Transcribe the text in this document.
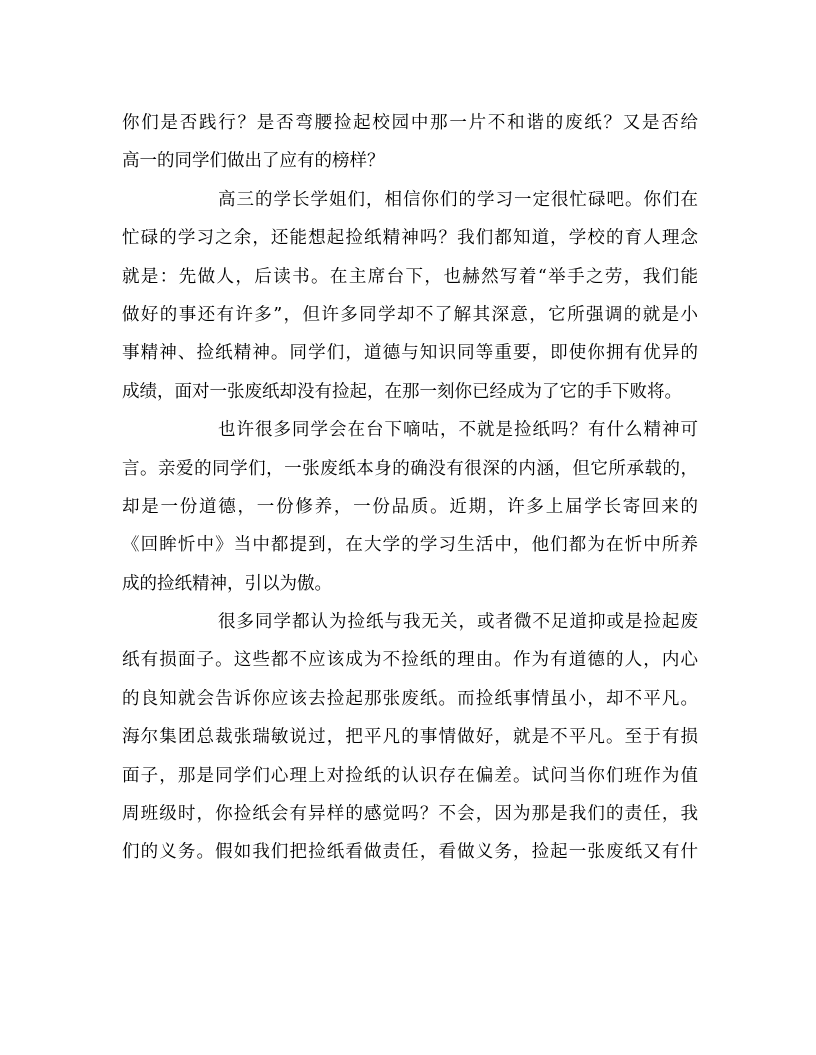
你们是否践行？是否弯腰捡起校园中那一片不和谐的废纸？又是否给
高一的同学们做出了应有的榜样？
高三的学长学姐们，相信你们的学习一定很忙碌吧。你们在
忙碌的学习之余，还能想起捡纸精神吗？我们都知道，学校的育人理念
就是：先做人，后读书。在主席台下，也赫然写着“举手之劳，我们能
做好的事还有许多”，但许多同学却不了解其深意，它所强调的就是小
事精神、捡纸精神。同学们，道德与知识同等重要，即使你拥有优异的
成绩，面对一张废纸却没有捡起，在那一刻你已经成为了它的手下败将。
也许很多同学会在台下嘀咕，不就是捡纸吗？有什么精神可
言。亲爱的同学们，一张废纸本身的确没有很深的内涵，但它所承载的，
却是一份道德，一份修养，一份品质。近期，许多上届学长寄回来的
《回眸忻中》当中都提到，在大学的学习生活中，他们都为在忻中所养
成的捡纸精神，引以为傲。
很多同学都认为捡纸与我无关，或者微不足道抑或是捡起废
纸有损面子。这些都不应该成为不捡纸的理由。作为有道德的人，内心
的良知就会告诉你应该去捡起那张废纸。而捡纸事情虽小，却不平凡。
海尔集团总裁张瑞敏说过，把平凡的事情做好，就是不平凡。至于有损
面子，那是同学们心理上对捡纸的认识存在偏差。试问当你们班作为值
周班级时，你捡纸会有异样的感觉吗？不会，因为那是我们的责任，我
们的义务。假如我们把捡纸看做责任，看做义务，捡起一张废纸又有什
